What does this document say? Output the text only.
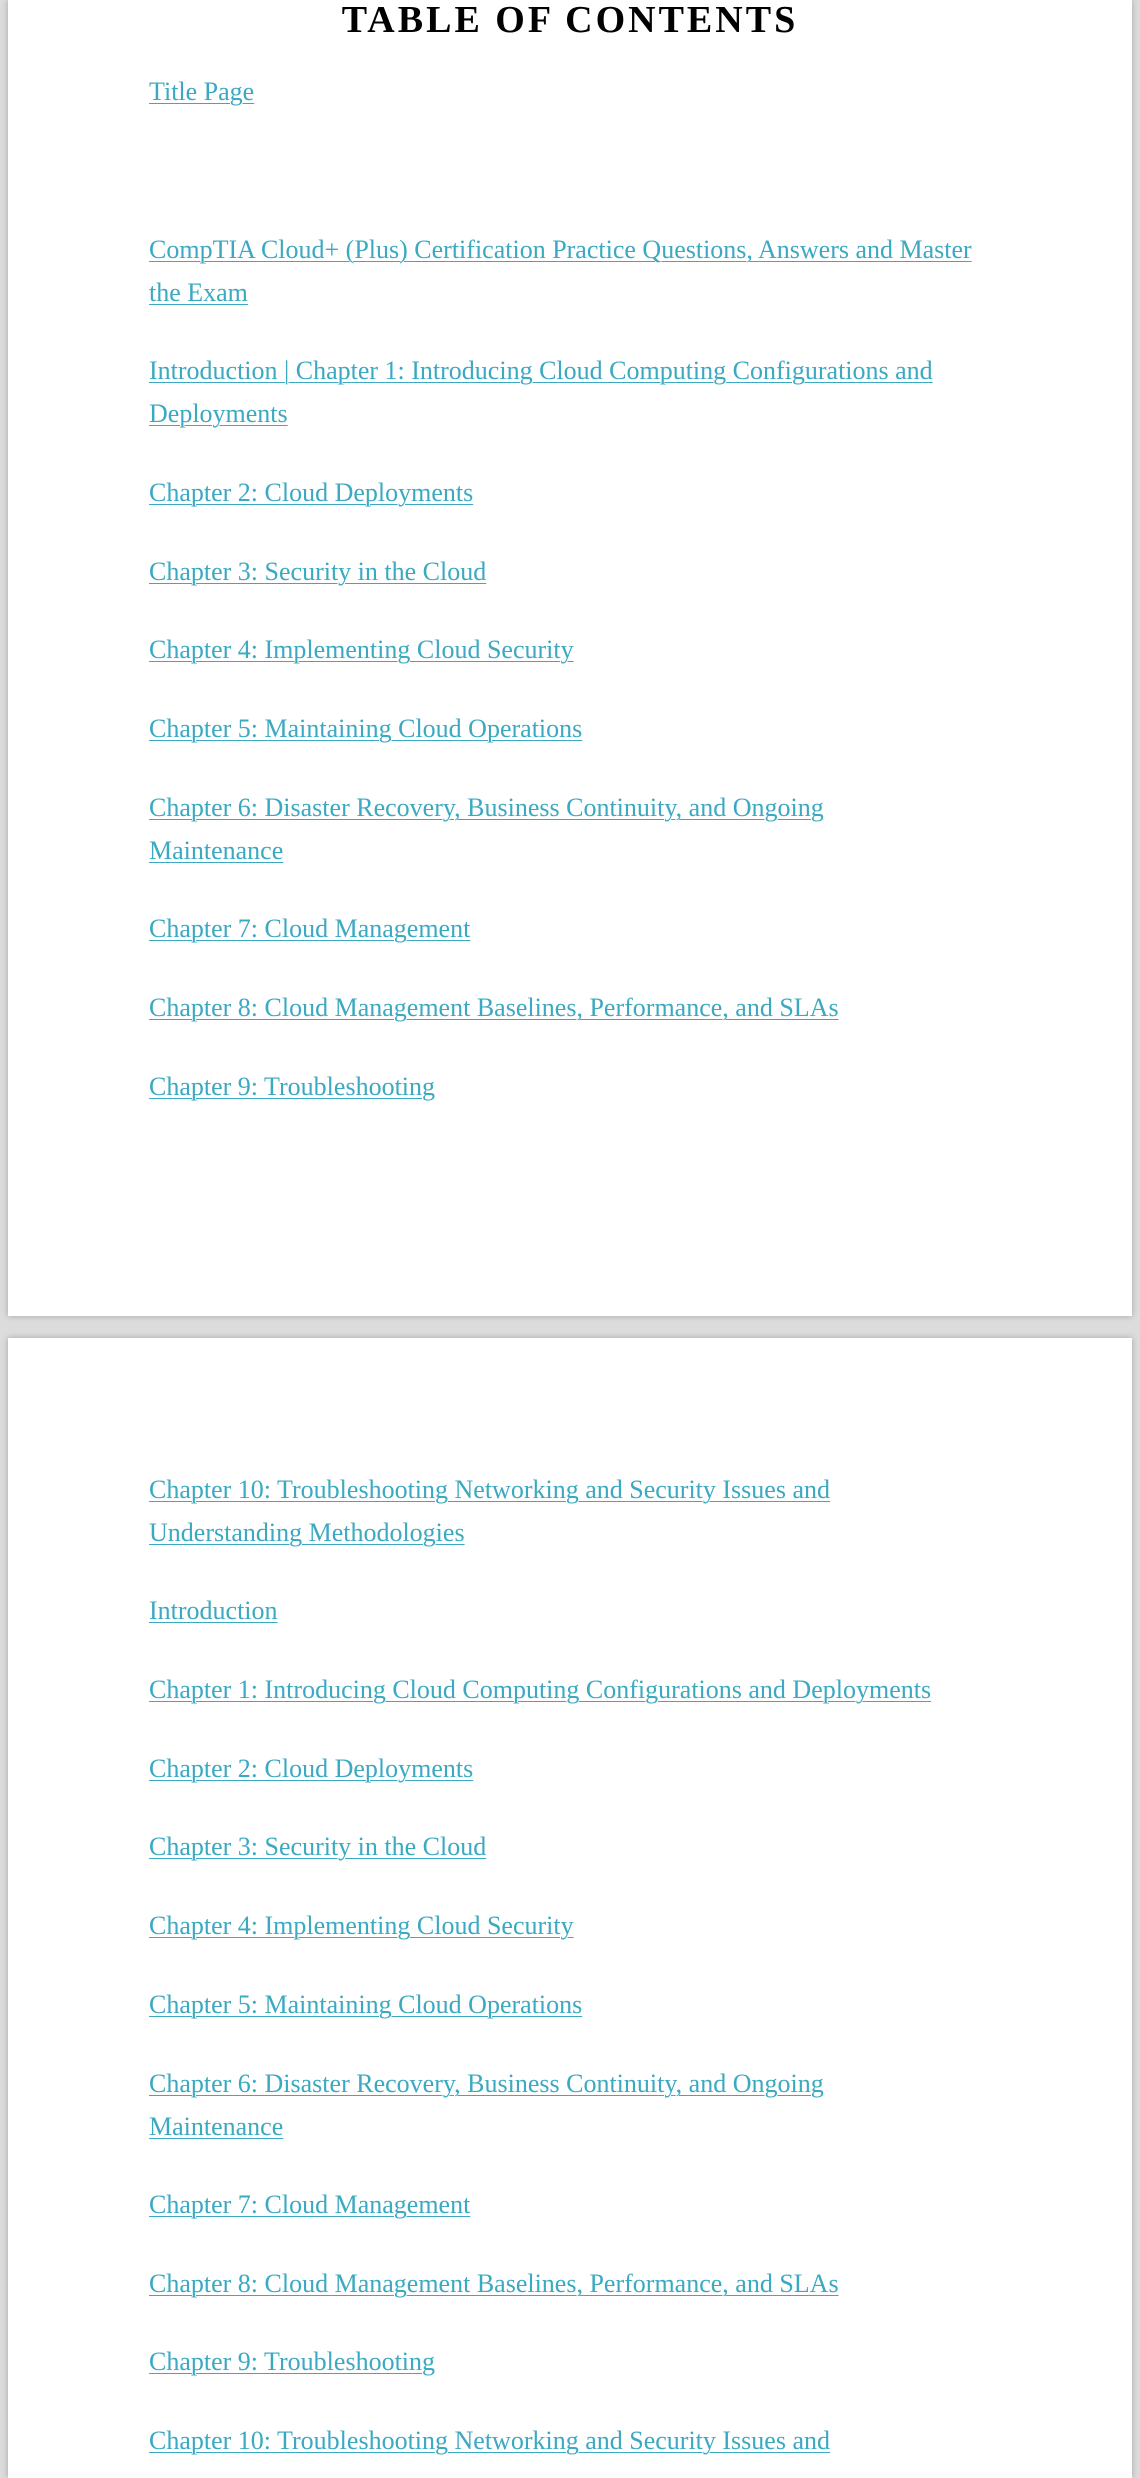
TABLE OF CONTENTS
Title Page
CompTIA Cloud+ (Plus) Certification Practice Questions, Answers and Master the Exam
Introduction | Chapter 1: Introducing Cloud Computing Configurations and Deployments
Chapter 2: Cloud Deployments
Chapter 3: Security in the Cloud
Chapter 4: Implementing Cloud Security
Chapter 5: Maintaining Cloud Operations
Chapter 6: Disaster Recovery, Business Continuity, and Ongoing Maintenance
Chapter 7: Cloud Management
Chapter 8: Cloud Management Baselines, Performance, and SLAs
Chapter 9: Troubleshooting
Chapter 10: Troubleshooting Networking and Security Issues and Understanding Methodologies
Introduction
Chapter 1: Introducing Cloud Computing Configurations and Deployments
Chapter 2: Cloud Deployments
Chapter 3: Security in the Cloud
Chapter 4: Implementing Cloud Security
Chapter 5: Maintaining Cloud Operations
Chapter 6: Disaster Recovery, Business Continuity, and Ongoing Maintenance
Chapter 7: Cloud Management
Chapter 8: Cloud Management Baselines, Performance, and SLAs
Chapter 9: Troubleshooting
Chapter 10: Troubleshooting Networking and Security Issues and
